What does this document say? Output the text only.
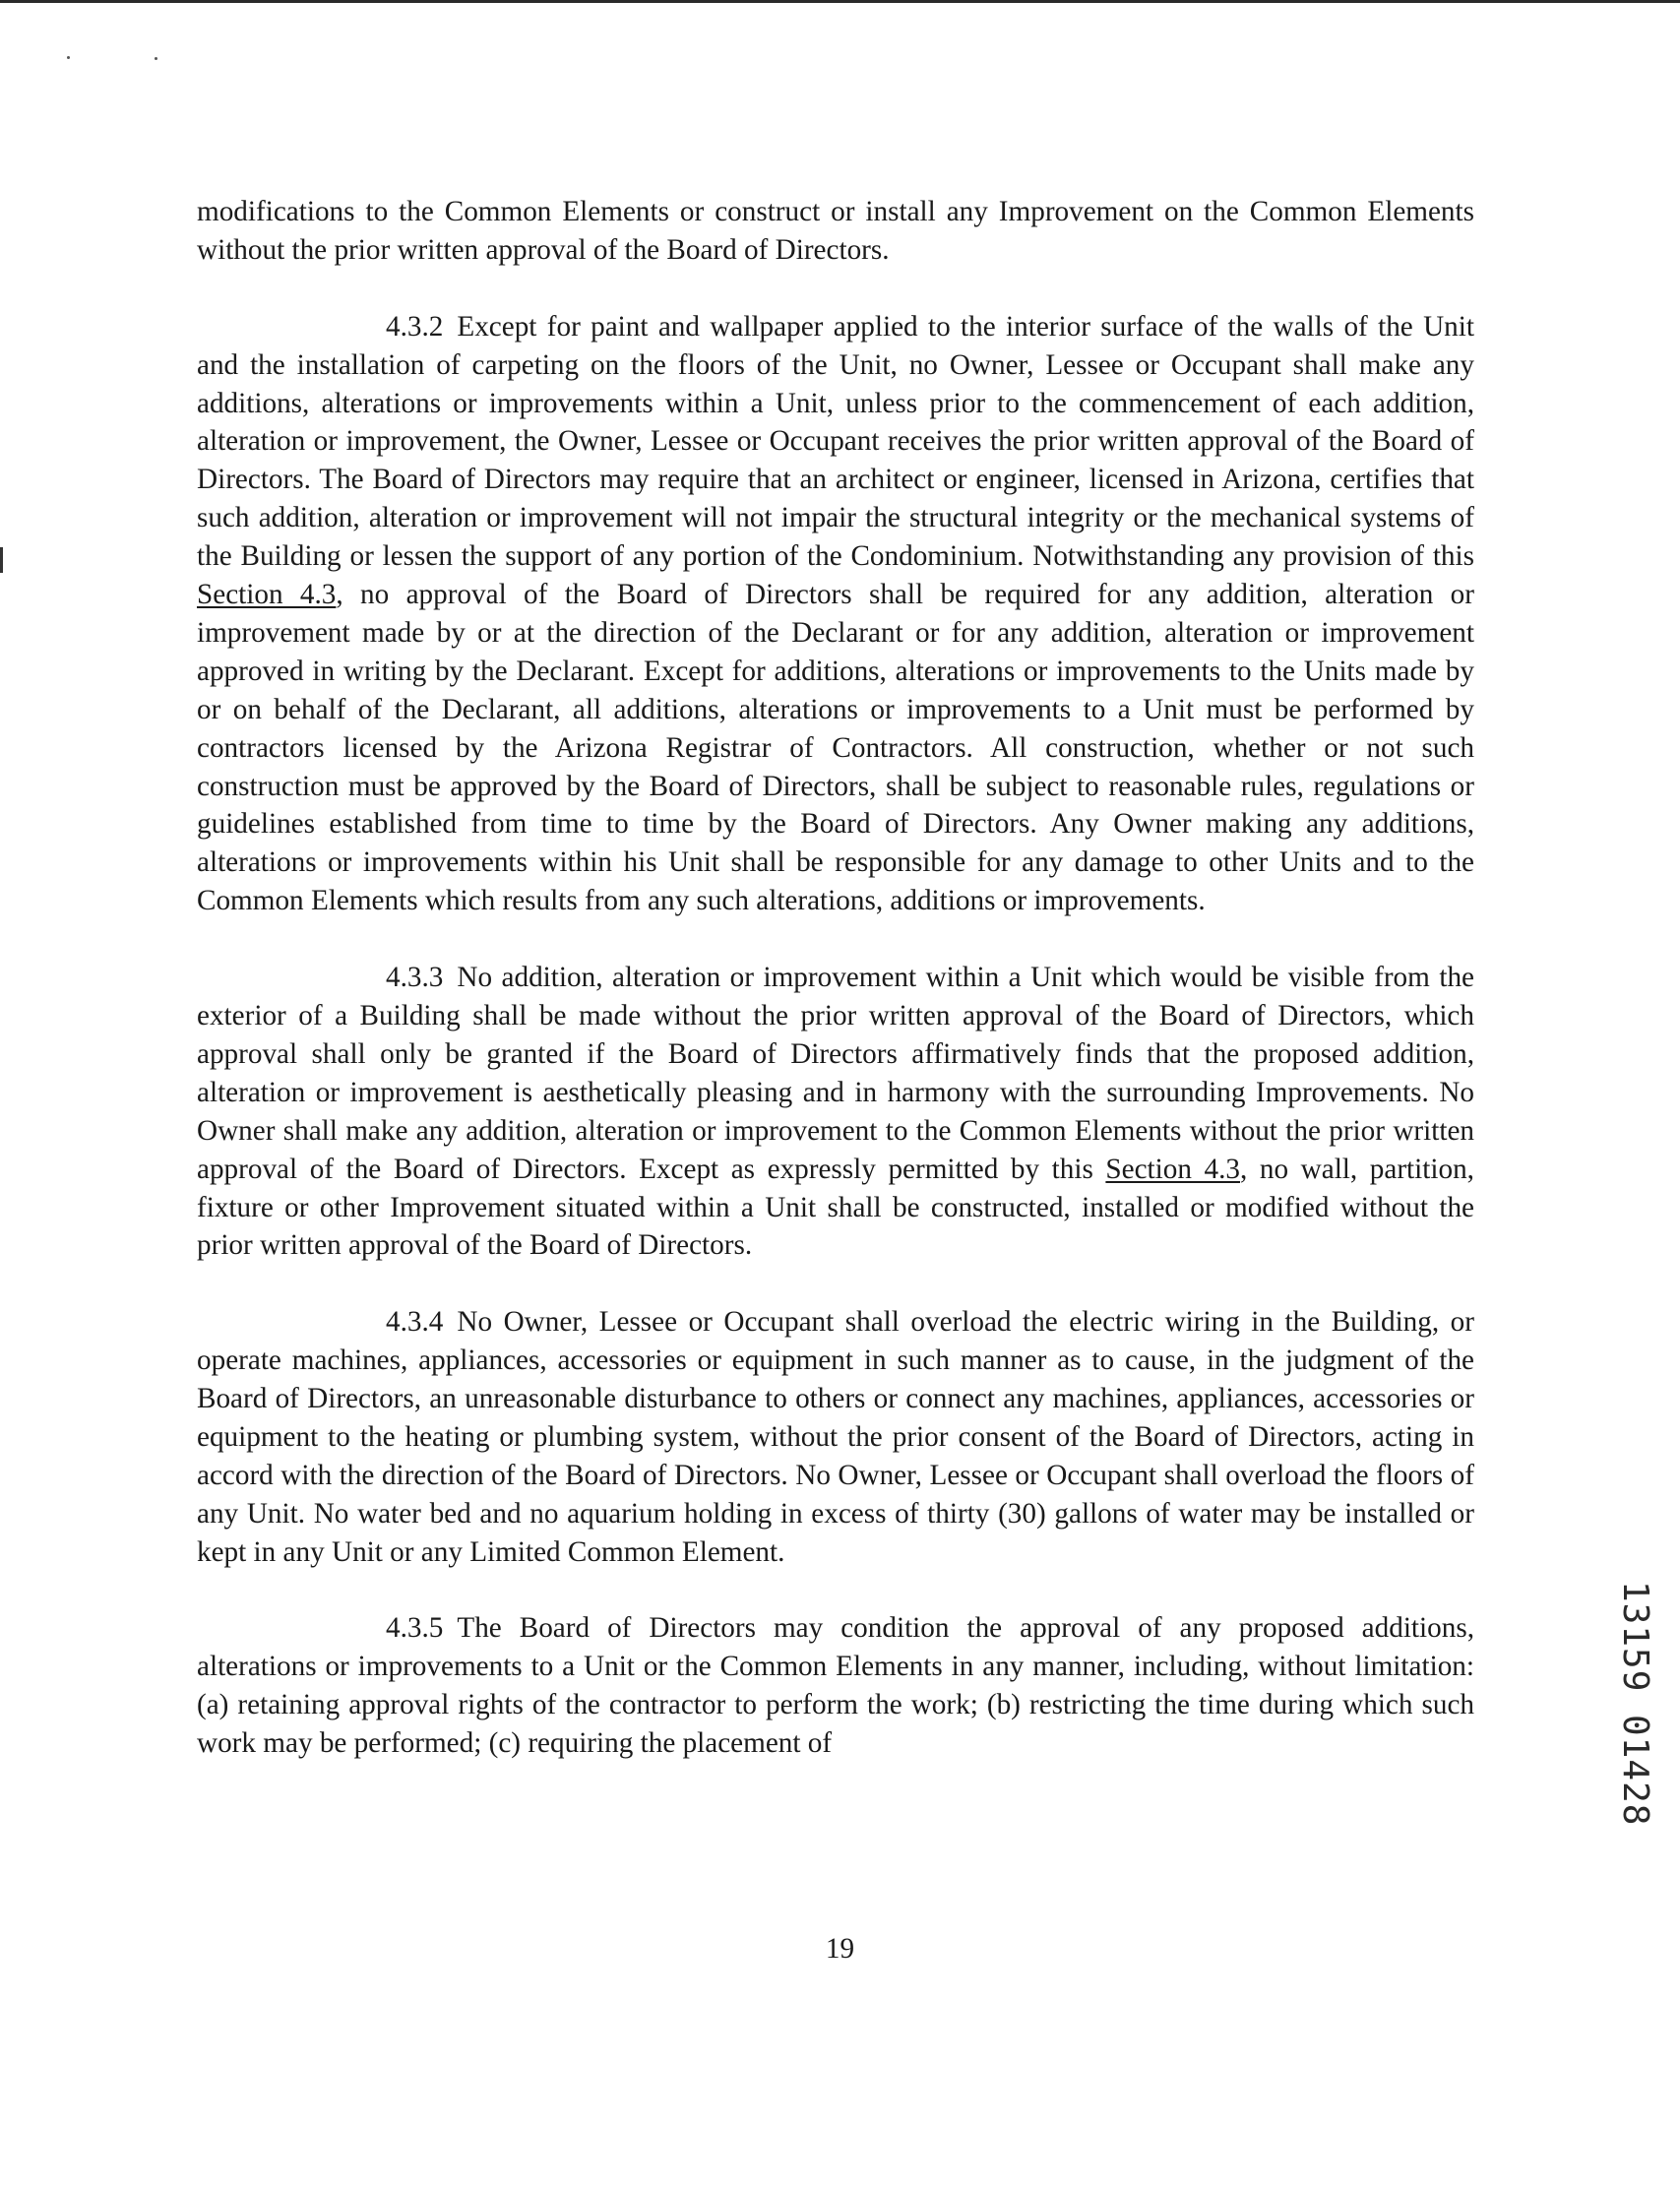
modifications to the Common Elements or construct or install any Improvement on the Common Elements without the prior written approval of the Board of Directors.

4.3.2 Except for paint and wallpaper applied to the interior surface of the walls of the Unit and the installation of carpeting on the floors of the Unit, no Owner, Lessee or Occupant shall make any additions, alterations or improvements within a Unit, unless prior to the commencement of each addition, alteration or improvement, the Owner, Lessee or Occupant receives the prior written approval of the Board of Directors. The Board of Directors may require that an architect or engineer, licensed in Arizona, certifies that such addition, alteration or improvement will not impair the structural integrity or the mechanical systems of the Building or lessen the support of any portion of the Condominium. Notwithstanding any provision of this Section 4.3, no approval of the Board of Directors shall be required for any addition, alteration or improvement made by or at the direction of the Declarant or for any addition, alteration or improvement approved in writing by the Declarant. Except for additions, alterations or improvements to the Units made by or on behalf of the Declarant, all additions, alterations or improvements to a Unit must be performed by contractors licensed by the Arizona Registrar of Contractors. All construction, whether or not such construction must be approved by the Board of Directors, shall be subject to reasonable rules, regulations or guidelines established from time to time by the Board of Directors. Any Owner making any additions, alterations or improvements within his Unit shall be responsible for any damage to other Units and to the Common Elements which results from any such alterations, additions or improvements.

4.3.3 No addition, alteration or improvement within a Unit which would be visible from the exterior of a Building shall be made without the prior written approval of the Board of Directors, which approval shall only be granted if the Board of Directors affirmatively finds that the proposed addition, alteration or improvement is aesthetically pleasing and in harmony with the surrounding Improvements. No Owner shall make any addition, alteration or improvement to the Common Elements without the prior written approval of the Board of Directors. Except as expressly permitted by this Section 4.3, no wall, partition, fixture or other Improvement situated within a Unit shall be constructed, installed or modified without the prior written approval of the Board of Directors.

4.3.4 No Owner, Lessee or Occupant shall overload the electric wiring in the Building, or operate machines, appliances, accessories or equipment in such manner as to cause, in the judgment of the Board of Directors, an unreasonable disturbance to others or connect any machines, appliances, accessories or equipment to the heating or plumbing system, without the prior consent of the Board of Directors, acting in accord with the direction of the Board of Directors. No Owner, Lessee or Occupant shall overload the floors of any Unit. No water bed and no aquarium holding in excess of thirty (30) gallons of water may be installed or kept in any Unit or any Limited Common Element.

4.3.5 The Board of Directors may condition the approval of any proposed additions, alterations or improvements to a Unit or the Common Elements in any manner, including, without limitation: (a) retaining approval rights of the contractor to perform the work; (b) restricting the time during which such work may be performed; (c) requiring the placement of

19
13159 01428
